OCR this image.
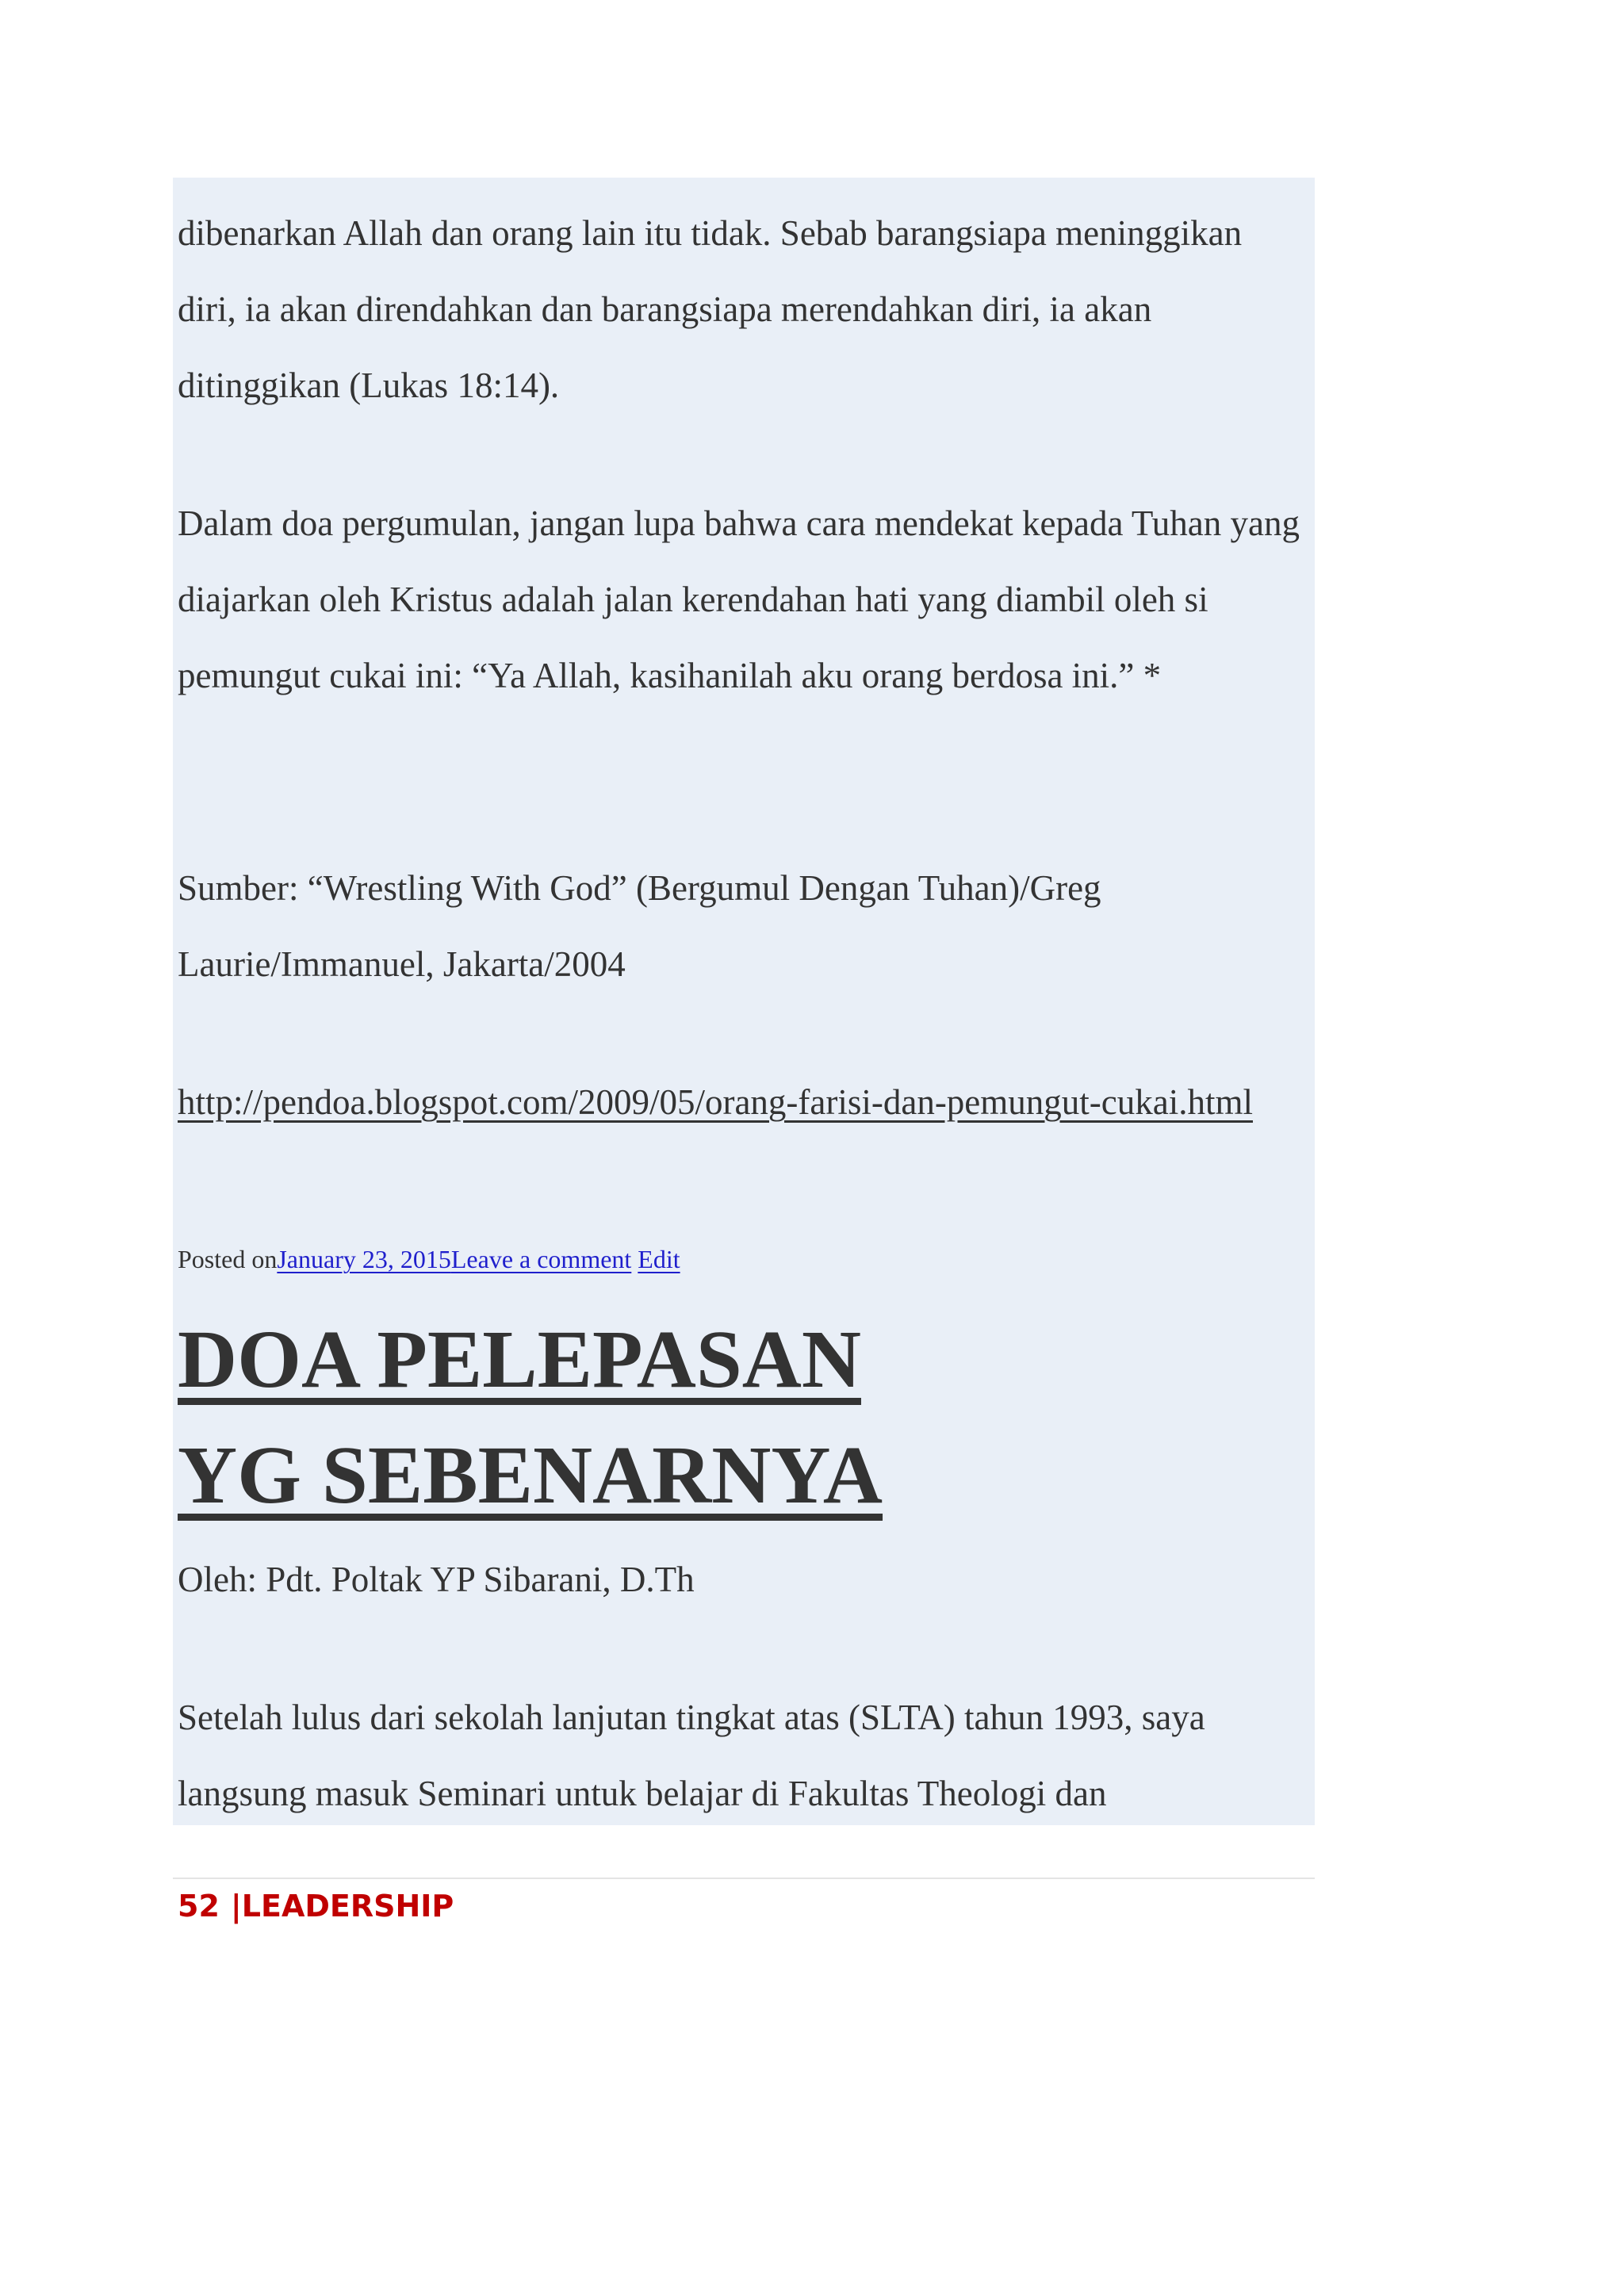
dibenarkan Allah dan orang lain itu tidak. Sebab barangsiapa meninggikan diri, ia akan direndahkan dan barangsiapa merendahkan diri, ia akan ditinggikan (Lukas 18:14).

Dalam doa pergumulan, jangan lupa bahwa cara mendekat kepada Tuhan yang diajarkan oleh Kristus adalah jalan kerendahan hati yang diambil oleh si pemungut cukai ini: “Ya Allah, kasihanilah aku orang berdosa ini.” *

Sumber: “Wrestling With God” (Bergumul Dengan Tuhan)/Greg Laurie/Immanuel, Jakarta/2004

http://pendoa.blogspot.com/2009/05/orang-farisi-dan-pemungut-cukai.html

Posted onJanuary 23, 2015Leave a comment Edit
DOA PELEPASAN
YG SEBENARNYA

Oleh: Pdt. Poltak YP Sibarani, D.Th

Setelah lulus dari sekolah lanjutan tingkat atas (SLTA) tahun 1993, saya langsung masuk Seminari untuk belajar di Fakultas Theologi dan

52 |LEADERSHIP
